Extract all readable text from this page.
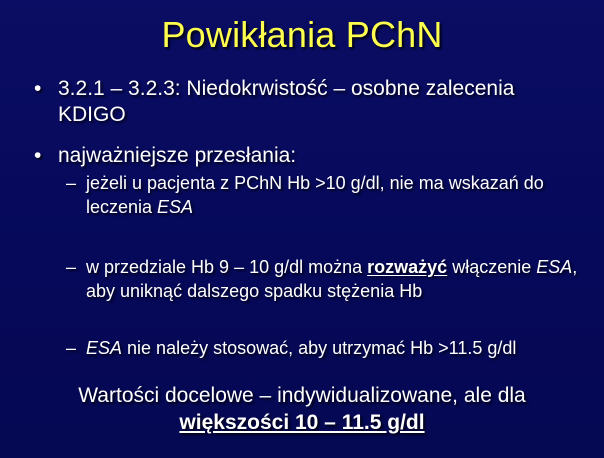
Powikłania PChN
• 3.2.1 – 3.2.3: Niedokrwistość – osobne zalecenia KDIGO
• najważniejsze przesłania:
– jeżeli u pacjenta z PChN Hb >10 g/dl, nie ma wskazań do leczenia ESA
– w przedziale Hb 9 – 10 g/dl można rozważyć włączenie ESA, aby uniknąć dalszego spadku stężenia Hb
– ESA nie należy stosować, aby utrzymać Hb >11.5 g/dl
Wartości docelowe – indywidualizowane, ale dla
większości 10 – 11.5 g/dl
